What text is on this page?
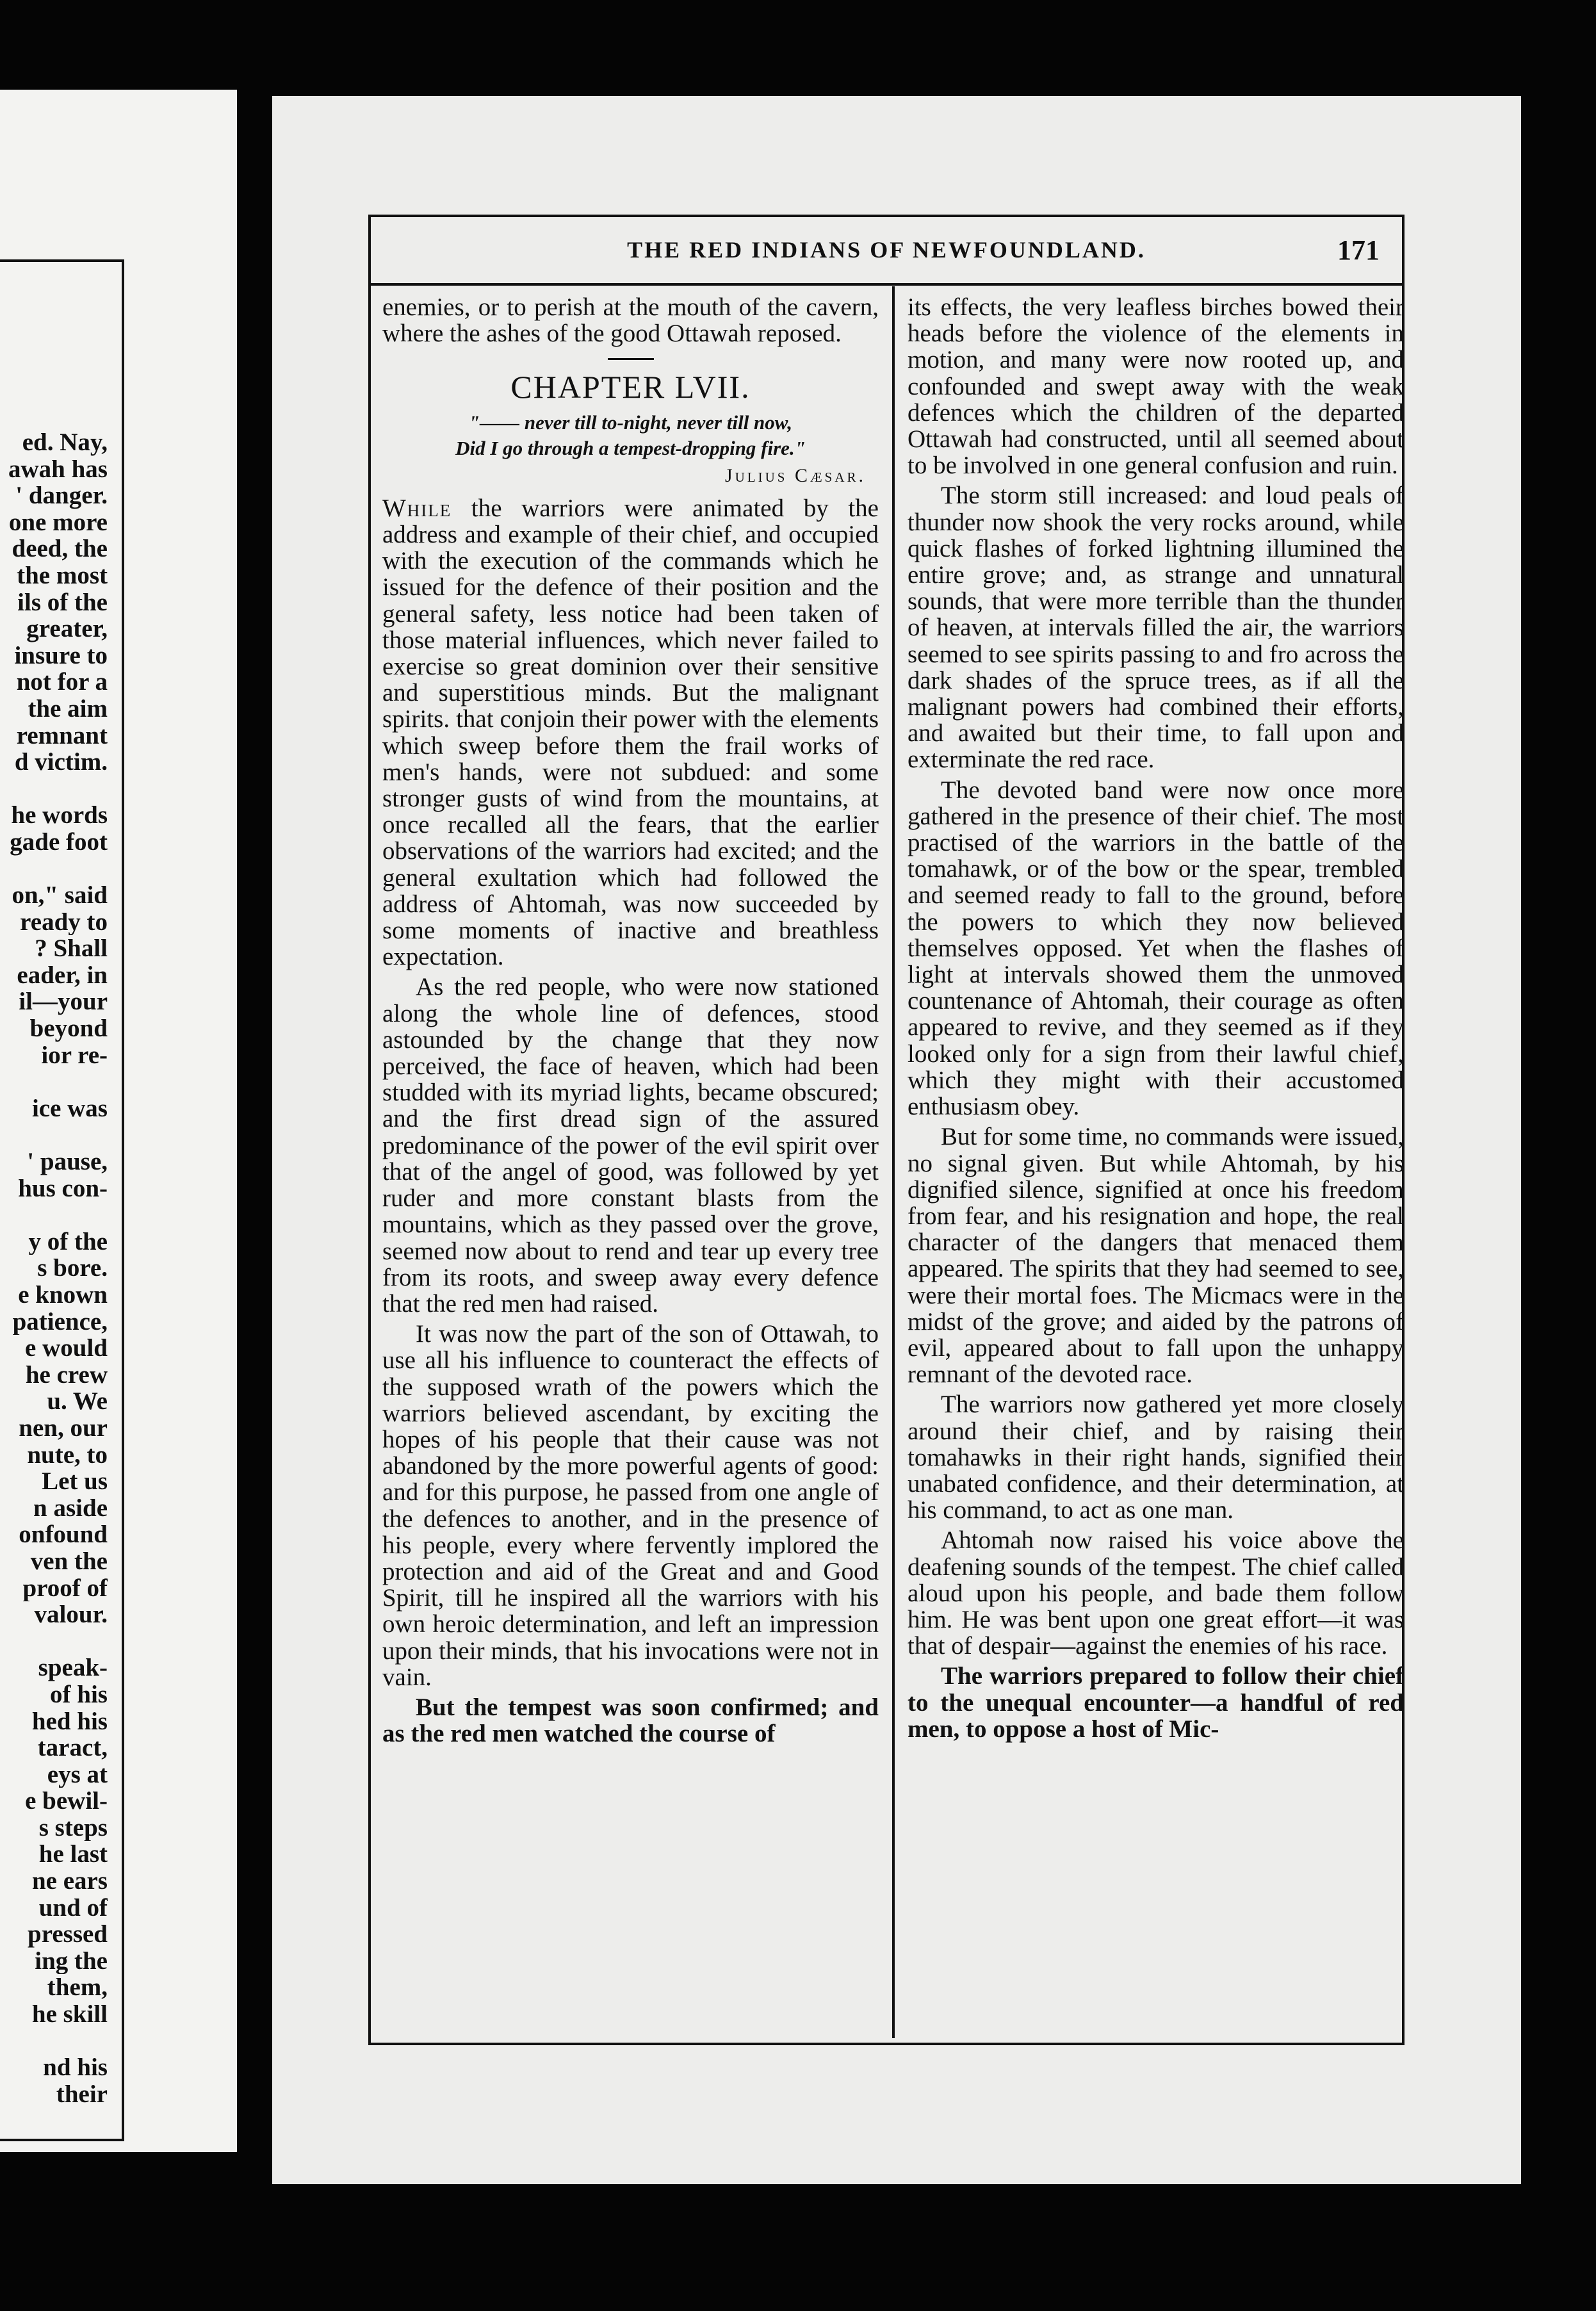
ed. Nay,
awah has
' danger.
one more
deed, the
the most
ils of the
greater,
insure to
not for a
the aim
remnant
d victim.

he words
gade foot

on," said
ready to
? Shall
eader, in
il—your
beyond
ior re-

ice was

' pause,
hus con-

y of the
s bore.
e known
patience,
e would
he crew
u. We
nen, our
nute, to
Let us
n aside
onfound
ven the
proof of
valour.

speak-
of his
hed his
taract,
eys at
e bewil-
s steps
he last
ne ears
und of
pressed
ing the
them,
he skill

nd his
their
THE RED INDIANS OF NEWFOUNDLAND.	171

enemies, or to perish at the mouth of the cavern, where the ashes of the good Ottawah reposed.

CHAPTER LVII.
"—— never till to-night, never till now,
Did I go through a tempest-dropping fire."
Julius Cæsar.

While the warriors were animated by the address and example of their chief, and occupied with the execution of the commands which he issued for the defence of their position and the general safety, less notice had been taken of those material influences, which never failed to exercise so great dominion over their sensitive and superstitious minds. But the malignant spirits. that conjoin their power with the elements which sweep before them the frail works of men's hands, were not subdued: and some stronger gusts of wind from the mountains, at once recalled all the fears, that the earlier observations of the warriors had excited; and the general exultation which had followed the address of Ahtomah, was now succeeded by some moments of inactive and breathless expectation.

As the red people, who were now stationed along the whole line of defences, stood astounded by the change that they now perceived, the face of heaven, which had been studded with its myriad lights, became obscured; and the first dread sign of the assured predominance of the power of the evil spirit over that of the angel of good, was followed by yet ruder and more constant blasts from the mountains, which as they passed over the grove, seemed now about to rend and tear up every tree from its roots, and sweep away every defence that the red men had raised.

It was now the part of the son of Ottawah, to use all his influence to counteract the effects of the supposed wrath of the powers which the warriors believed ascendant, by exciting the hopes of his people that their cause was not abandoned by the more powerful agents of good: and for this purpose, he passed from one angle of the defences to another, and in the presence of his people, every where fervently implored the protection and aid of the Great and and Good Spirit, till he inspired all the warriors with his own heroic determination, and left an impression upon their minds, that his invocations were not in vain.

But the tempest was soon confirmed; and as the red men watched the course of

its effects, the very leafless birches bowed their heads before the violence of the elements in motion, and many were now rooted up, and confounded and swept away with the weak defences which the children of the departed Ottawah had constructed, until all seemed about to be involved in one general confusion and ruin.

The storm still increased: and loud peals of thunder now shook the very rocks around, while quick flashes of forked lightning illumined the entire grove; and, as strange and unnatural sounds, that were more terrible than the thunder of heaven, at intervals filled the air, the warriors seemed to see spirits passing to and fro across the dark shades of the spruce trees, as if all the malignant powers had combined their efforts, and awaited but their time, to fall upon and exterminate the red race.

The devoted band were now once more gathered in the presence of their chief. The most practised of the warriors in the battle of the tomahawk, or of the bow or the spear, trembled and seemed ready to fall to the ground, before the powers to which they now believed themselves opposed. Yet when the flashes of light at intervals showed them the unmoved countenance of Ahtomah, their courage as often appeared to revive, and they seemed as if they looked only for a sign from their lawful chief, which they might with their accustomed enthusiasm obey.

But for some time, no commands were issued, no signal given. But while Ahtomah, by his dignified silence, signified at once his freedom from fear, and his resignation and hope, the real character of the dangers that menaced them appeared. The spirits that they had seemed to see, were their mortal foes. The Micmacs were in the midst of the grove; and aided by the patrons of evil, appeared about to fall upon the unhappy remnant of the devoted race.

The warriors now gathered yet more closely around their chief, and by raising their tomahawks in their right hands, signified their unabated confidence, and their determination, at his command, to act as one man.

Ahtomah now raised his voice above the deafening sounds of the tempest. The chief called aloud upon his people, and bade them follow him. He was bent upon one great effort—it was that of despair—against the enemies of his race.

The warriors prepared to follow their chief to the unequal encounter—a handful of red men, to oppose a host of Mic-
